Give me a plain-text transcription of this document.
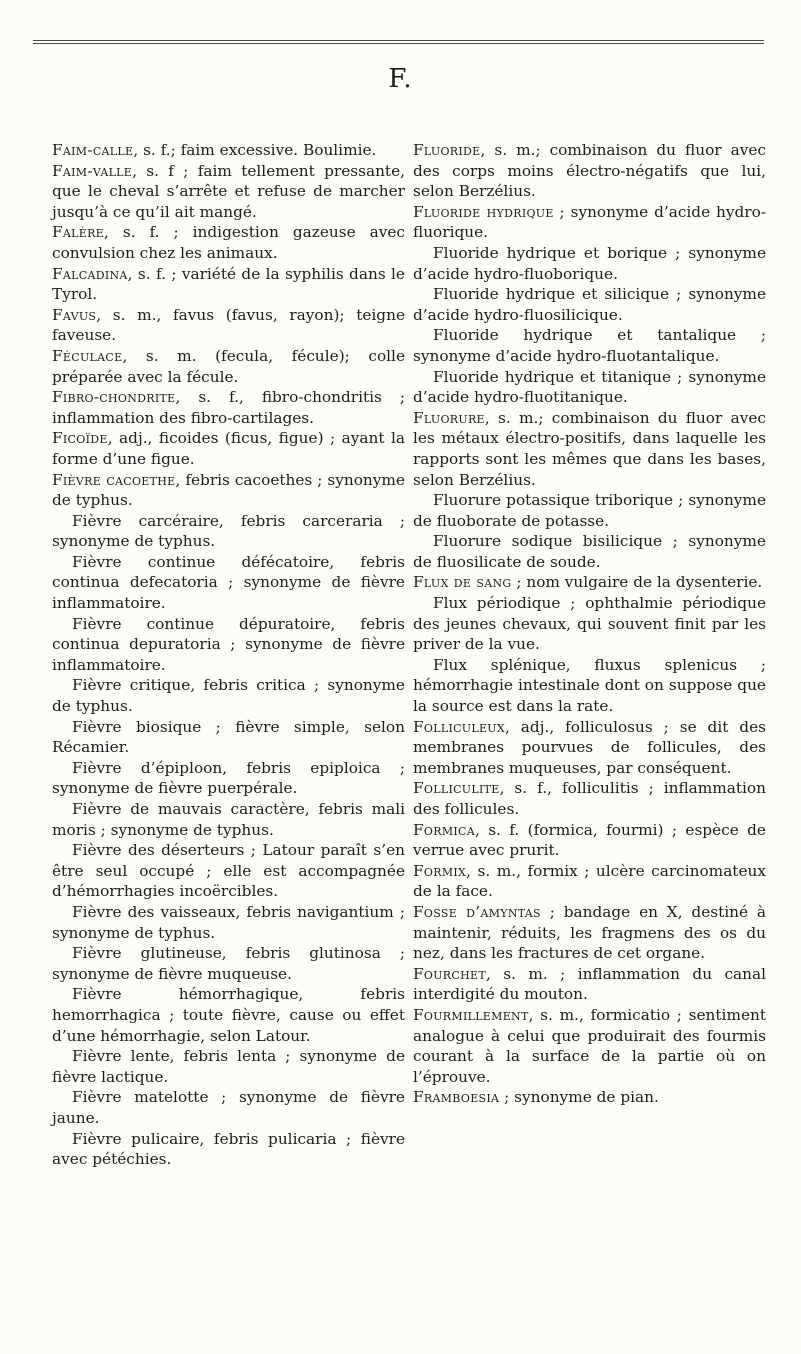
F.

Faim-calle, s. f.; faim excessive. Boulimie.

Faim-valle, s. f ; faim tellement pressante, que le cheval s’arrête et refuse de marcher jusqu’à ce qu’il ait mangé.

Falère, s. f. ; indigestion gazeuse avec convulsion chez les animaux.

Falcadina, s. f. ; variété de la syphilis dans le Tyrol.

Favus, s. m., favus (favus, rayon); teigne faveuse.

Féculace, s. m. (fecula, fécule); colle préparée avec la fécule.

Fibro-chondrite, s. f., fibro-chondritis ; inflammation des fibro-cartilages.

Ficoïde, adj., ficoides (ficus, figue) ; ayant la forme d’une figue.

Fièvre cacoethe, febris cacoethes ; synonyme de typhus.

Fièvre carcéraire, febris carceraria ; synonyme de typhus.

Fièvre continue défécatoire, febris continua defecatoria ; synonyme de fièvre inflammatoire.

Fièvre continue dépuratoire, febris continua depuratoria ; synonyme de fièvre inflammatoire.

Fièvre critique, febris critica ; synonyme de typhus.

Fièvre biosique ; fièvre simple, selon Récamier.

Fièvre d’épiploon, febris epiploica ; synonyme de fièvre puerpérale.

Fièvre de mauvais caractère, febris mali moris ; synonyme de typhus.

Fièvre des déserteurs ; Latour paraît s’en être seul occupé ; elle est accompagnée d’hémorrhagies incoërcibles.

Fièvre des vaisseaux, febris navigantium ; synonyme de typhus.

Fièvre glutineuse, febris glutinosa ; synonyme de fièvre muqueuse.

Fièvre hémorrhagique, febris hemorrhagica ; toute fièvre, cause ou effet d’une hémorrhagie, selon Latour.

Fièvre lente, febris lenta ; synonyme de fièvre lactique.

Fièvre matelotte ; synonyme de fièvre jaune.

Fièvre pulicaire, febris pulicaria ; fièvre avec pétéchies.

Fluoride, s. m.; combinaison du fluor avec des corps moins électro-négatifs que lui, selon Berzélius.

Fluoride hydrique ; synonyme d’acide hydro-fluorique.

Fluoride hydrique et borique ; synonyme d’acide hydro-fluoborique.

Fluoride hydrique et silicique ; synonyme d’acide hydro-fluosilicique.

Fluoride hydrique et tantalique ; synonyme d’acide hydro-fluotantalique.

Fluoride hydrique et titanique ; synonyme d’acide hydro-fluotitanique.

Fluorure, s. m.; combinaison du fluor avec les métaux électro-positifs, dans laquelle les rapports sont les mêmes que dans les bases, selon Berzélius.

Fluorure potassique triborique ; synonyme de fluoborate de potasse.

Fluorure sodique bisilicique ; synonyme de fluosilicate de soude.

Flux de sang ; nom vulgaire de la dysenterie.

Flux périodique ; ophthalmie périodique des jeunes chevaux, qui souvent finit par les priver de la vue.

Flux splénique, fluxus splenicus ; hémorrhagie intestinale dont on suppose que la source est dans la rate.

Folliculeux, adj., folliculosus ; se dit des membranes pourvues de follicules, des membranes muqueuses, par conséquent.

Folliculite, s. f., folliculitis ; inflammation des follicules.

Formica, s. f. (formica, fourmi) ; espèce de verrue avec prurit.

Formix, s. m., formix ; ulcère carcinomateux de la face.

Fosse d’amyntas ; bandage en X, destiné à maintenir, réduits, les fragmens des os du nez, dans les fractures de cet organe.

Fourchet, s. m. ; inflammation du canal interdigité du mouton.

Fourmillement, s. m., formicatio ; sentiment analogue à celui que produirait des fourmis courant à la surface de la partie où on l’éprouve.

Framboesia ; synonyme de pian.
